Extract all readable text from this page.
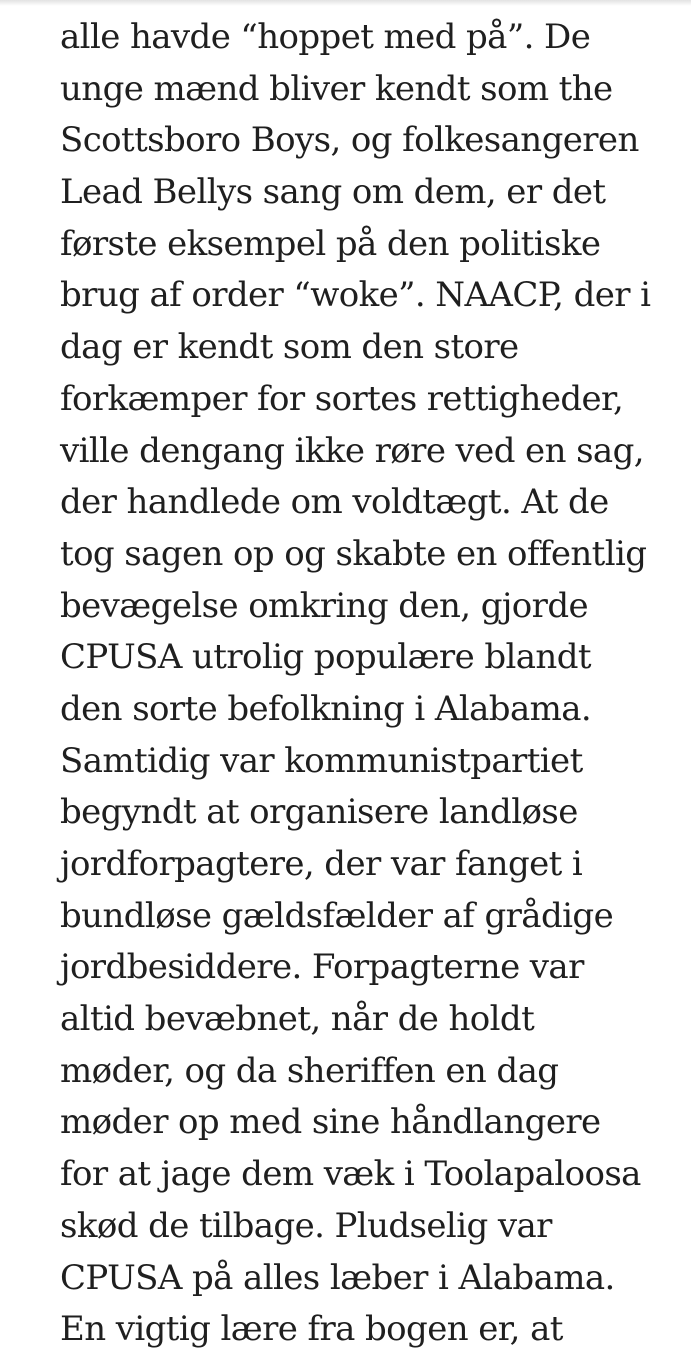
alle havde “hoppet med på”. De
unge mænd bliver kendt som the
Scottsboro Boys, og folkesangeren
Lead Bellys sang om dem, er det
første eksempel på den politiske
brug af order “woke”. NAACP, der i
dag er kendt som den store
forkæmper for sortes rettigheder,
ville dengang ikke røre ved en sag,
der handlede om voldtægt. At de
tog sagen op og skabte en offentlig
bevægelse omkring den, gjorde
CPUSA utrolig populære blandt
den sorte befolkning i Alabama.
Samtidig var kommunistpartiet
begyndt at organisere landløse
jordforpagtere, der var fanget i
bundløse gældsfælder af grådige
jordbesiddere. Forpagterne var
altid bevæbnet, når de holdt
møder, og da sheriffen en dag
møder op med sine håndlangere
for at jage dem væk i Toolapaloosa
skød de tilbage. Pludselig var
CPUSA på alles læber i Alabama.
En vigtig lære fra bogen er, at
